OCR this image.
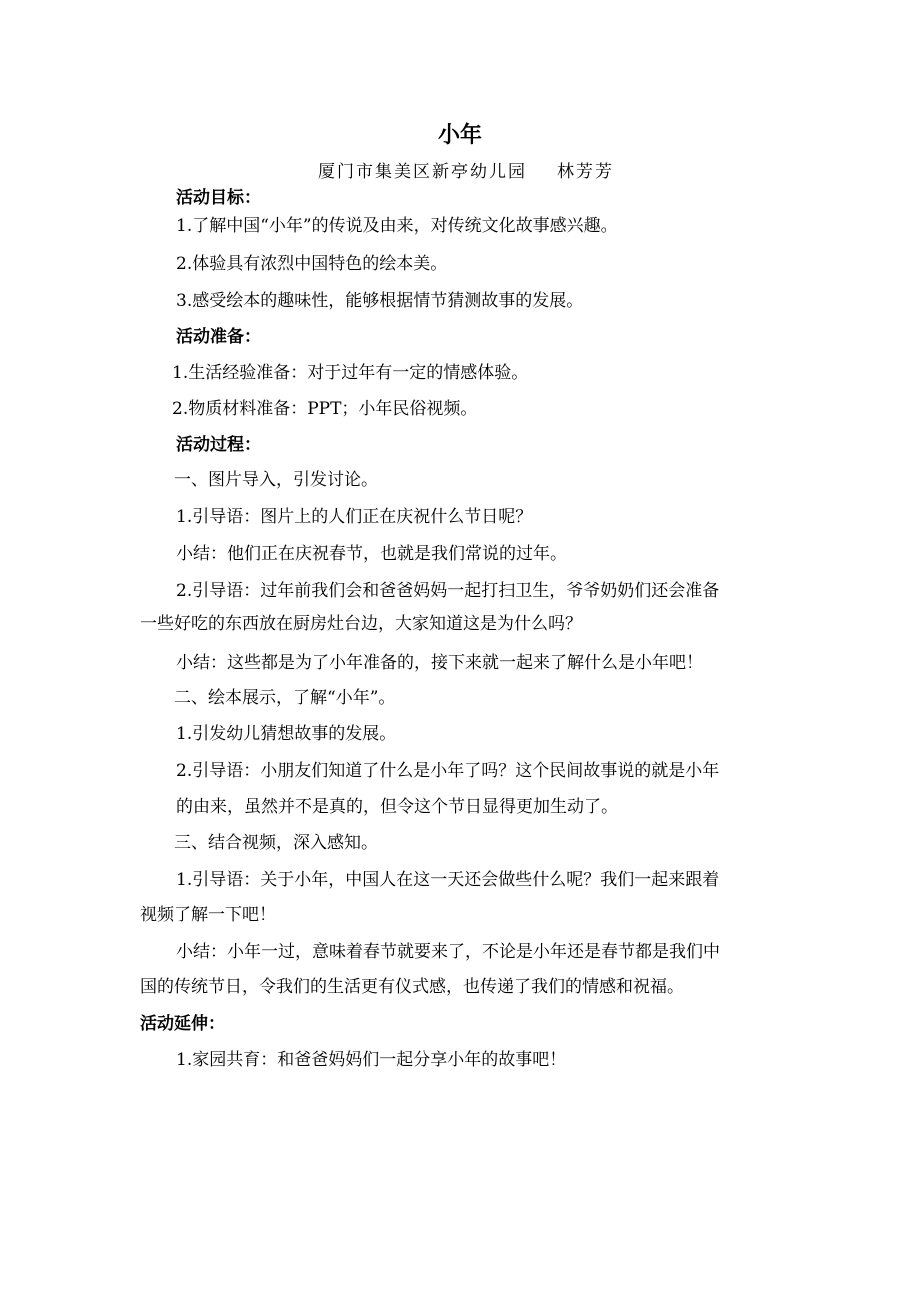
小年
厦门市集美区新亭幼儿园 林芳芳
活动目标：
1.了解中国“小年”的传说及由来，对传统文化故事感兴趣。
2.体验具有浓烈中国特色的绘本美。
3.感受绘本的趣味性，能够根据情节猜测故事的发展。
活动准备：
1.生活经验准备：对于过年有一定的情感体验。
2.物质材料准备：PPT；小年民俗视频。
活动过程：
一、图片导入，引发讨论。
1.引导语：图片上的人们正在庆祝什么节日呢？
小结：他们正在庆祝春节，也就是我们常说的过年。
2.引导语：过年前我们会和爸爸妈妈一起打扫卫生，爷爷奶奶们还会准备
一些好吃的东西放在厨房灶台边，大家知道这是为什么吗？
小结：这些都是为了小年准备的，接下来就一起来了解什么是小年吧！
二、绘本展示，了解“小年”。
1.引发幼儿猜想故事的发展。
2.引导语：小朋友们知道了什么是小年了吗？这个民间故事说的就是小年
的由来，虽然并不是真的，但令这个节日显得更加生动了。
三、结合视频，深入感知。
1.引导语：关于小年，中国人在这一天还会做些什么呢？我们一起来跟着
视频了解一下吧！
小结：小年一过，意味着春节就要来了，不论是小年还是春节都是我们中
国的传统节日，令我们的生活更有仪式感，也传递了我们的情感和祝福。
活动延伸：
1.家园共育：和爸爸妈妈们一起分享小年的故事吧！
